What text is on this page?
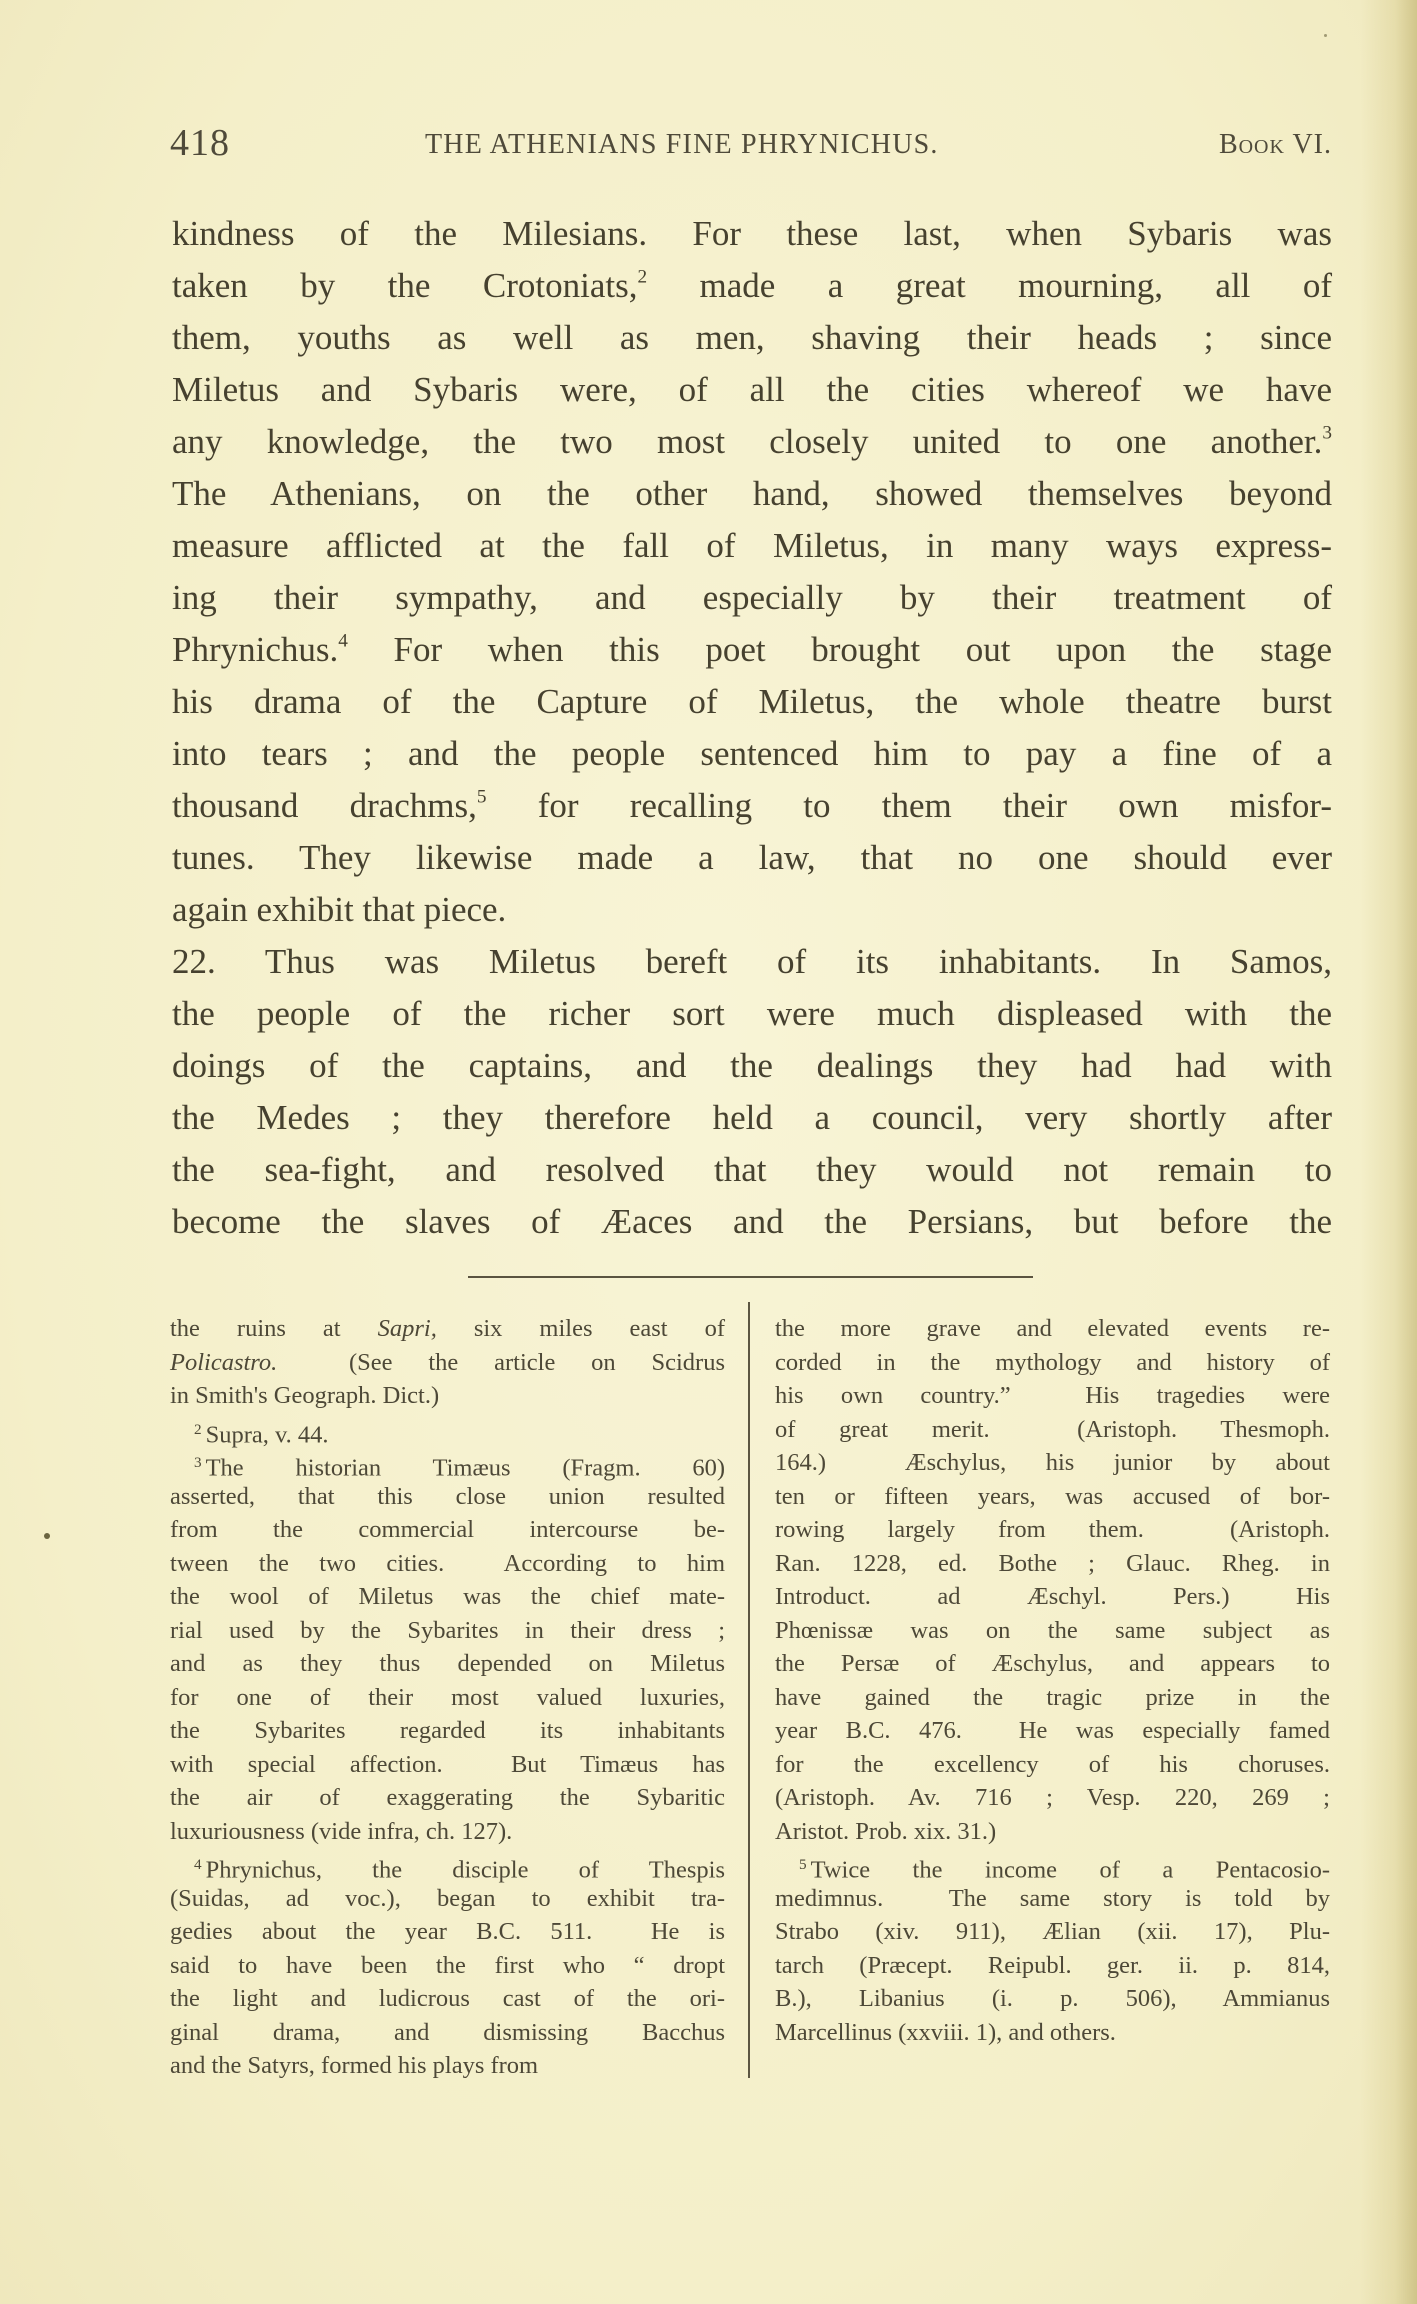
418	THE ATHENIANS FINE PHRYNICHUS.	Book VI.
kindness of the Milesians. For these last, when Sybaris was
taken by the Crotoniats,$^2$ made a great mourning, all of
them, youths as well as men, shaving their heads ; since
Miletus and Sybaris were, of all the cities whereof we have
any knowledge, the two most closely united to one another.$^3$
The Athenians, on the other hand, showed themselves beyond
measure afflicted at the fall of Miletus, in many ways express-
ing their sympathy, and especially by their treatment of
Phrynichus.$^4$ For when this poet brought out upon the stage
his drama of the Capture of Miletus, the whole theatre burst
into tears ; and the people sentenced him to pay a fine of a
thousand drachms,$^5$ for recalling to them their own misfor-
tunes. They likewise made a law, that no one should ever
again exhibit that piece.
22. Thus was Miletus bereft of its inhabitants. In Samos,
the people of the richer sort were much displeased with the
doings of the captains, and the dealings they had had with
the Medes ; they therefore held a council, very shortly after
the sea-fight, and resolved that they would not remain to
become the slaves of Æaces and the Persians, but before the
the ruins at Sapri, six miles east of
Policastro.  (See the article on Scidrus
in Smith's Geograph. Dict.)
$^2$ Supra, v. 44.
$^3$ The historian Timæus (Fragm. 60)
asserted, that this close union resulted
from the commercial intercourse be-
tween the two cities.  According to him
the wool of Miletus was the chief mate-
rial used by the Sybarites in their dress ;
and as they thus depended on Miletus
for one of their most valued luxuries,
the Sybarites regarded its inhabitants
with special affection.  But Timæus has
the air of exaggerating the Sybaritic
luxuriousness (vide infra, ch. 127).
$^4$ Phrynichus, the disciple of Thespis
(Suidas, ad voc.), began to exhibit tra-
gedies about the year B.C. 511.  He is
said to have been the first who “ dropt
the light and ludicrous cast of the ori-
ginal drama, and dismissing Bacchus
and the Satyrs, formed his plays from
the more grave and elevated events re-
corded in the mythology and history of
his own country.”  His tragedies were
of great merit.  (Aristoph. Thesmoph.
164.)  Æschylus, his junior by about
ten or fifteen years, was accused of bor-
rowing largely from them.  (Aristoph.
Ran. 1228, ed. Bothe ; Glauc. Rheg. in
Introduct.  ad  Æschyl.  Pers.)  His
Phœnissæ was on the same subject as
the Persæ of Æschylus, and appears to
have gained the tragic prize in the
year B.C. 476.  He was especially famed
for the excellency of his choruses.
(Aristoph. Av. 716 ; Vesp. 220, 269 ;
Aristot. Prob. xix. 31.)
$^5$ Twice the income of a Pentacosio-
medimnus.  The same story is told by
Strabo (xiv. 911), Ælian (xii. 17), Plu-
tarch (Præcept. Reipubl. ger. ii. p. 814,
B.), Libanius (i. p. 506), Ammianus
Marcellinus (xxviii. 1), and others.
